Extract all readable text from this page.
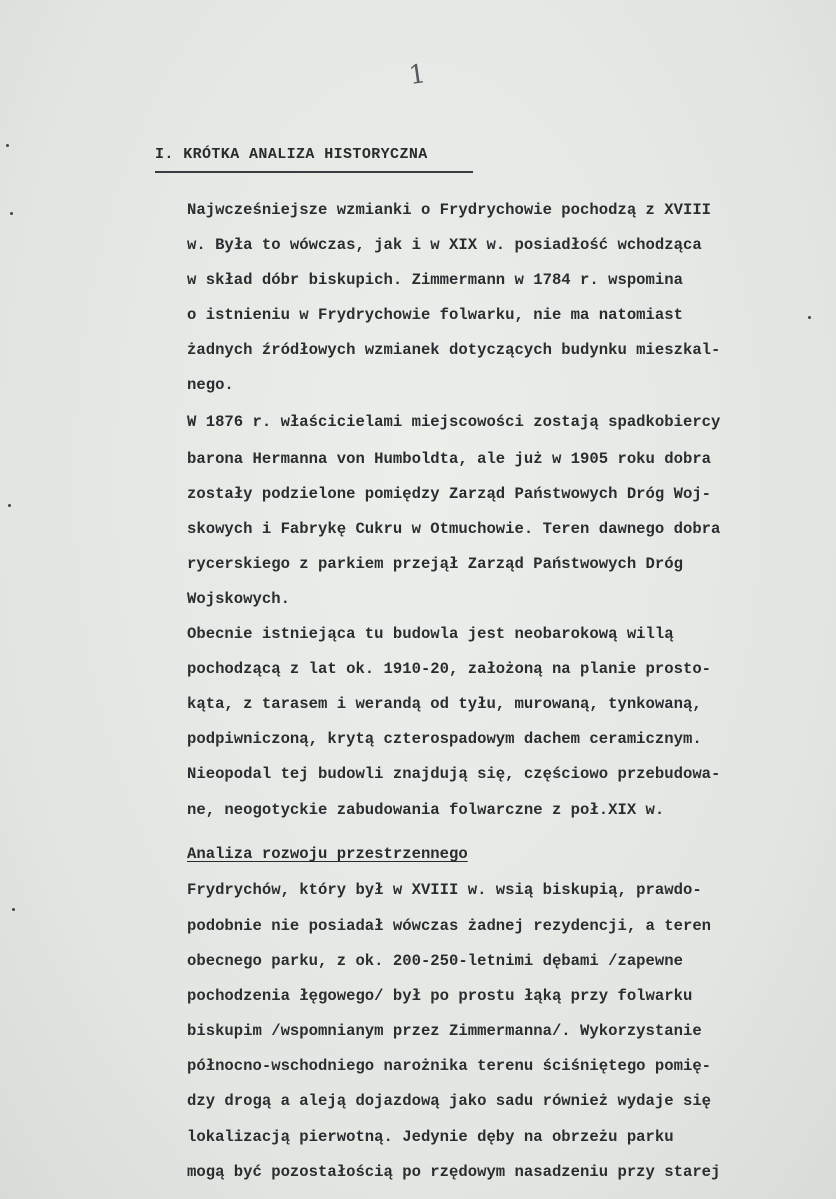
1
I. KRÓTKA ANALIZA HISTORYCZNA
Najwcześniejsze wzmianki o Frydrychowie pochodzą z XVIII
w. Była to wówczas, jak i w XIX w. posiadłość wchodząca
w skład dóbr biskupich. Zimmermann w 1784 r. wspomina
o istnieniu w Frydrychowie folwarku, nie ma natomiast
żadnych źródłowych wzmianek dotyczących budynku mieszkal-
nego.
W 1876 r. właścicielami miejscowości zostają spadkobiercy
barona Hermanna von Humboldta, ale już w 1905 roku dobra
zostały podzielone pomiędzy Zarząd Państwowych Dróg Woj-
skowych i Fabrykę Cukru w Otmuchowie. Teren dawnego dobra
rycerskiego z parkiem przejął Zarząd Państwowych Dróg
Wojskowych.
Obecnie istniejąca tu budowla jest neobarokową willą
pochodzącą z lat ok. 1910-20, założoną na planie prosto-
kąta, z tarasem i werandą od tyłu, murowaną, tynkowaną,
podpiwniczoną, krytą czterospadowym dachem ceramicznym.
Nieopodal tej budowli znajdują się, częściowo przebudowa-
ne, neogotyckie zabudowania folwarczne z poł.XIX w.
Analiza rozwoju przestrzennego
Frydrychów, który był w XVIII w. wsią biskupią, prawdo-
podobnie nie posiadał wówczas żadnej rezydencji, a teren
obecnego parku, z ok. 200-250-letnimi dębami /zapewne
pochodzenia łęgowego/ był po prostu łąką przy folwarku
biskupim /wspomnianym przez Zimmermanna/. Wykorzystanie
północno-wschodniego narożnika terenu ściśniętego pomię-
dzy drogą a aleją dojazdową jako sadu również wydaje się
lokalizacją pierwotną. Jedynie dęby na obrzeżu parku
mogą być pozostałością po rzędowym nasadzeniu przy starej
